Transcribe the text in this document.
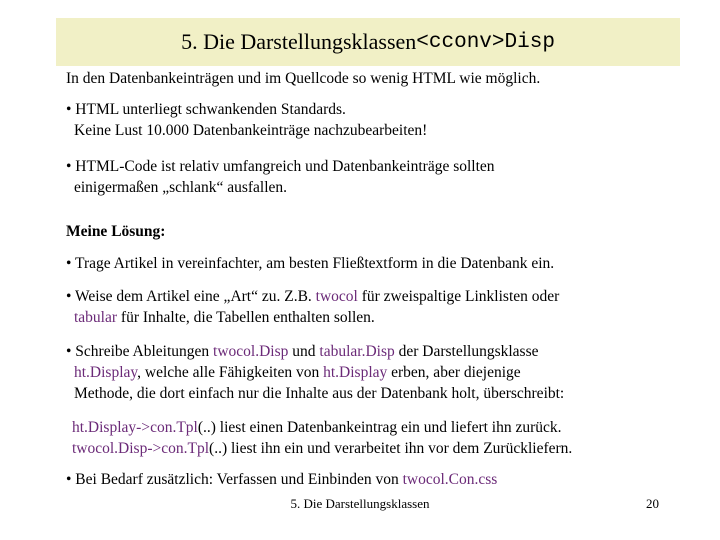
5. Die Darstellungsklassen <cconv>Disp
In den Datenbankeinträgen und im Quellcode so wenig HTML wie möglich.
• HTML unterliegt schwankenden Standards.
Keine Lust 10.000 Datenbankeinträge nachzubearbeiten!
• HTML-Code ist relativ umfangreich und Datenbankeinträge sollten
einigermaßen „schlank“ ausfallen.
Meine Lösung:
• Trage Artikel in vereinfachter, am besten Fließtextform in die Datenbank ein.
• Weise dem Artikel eine „Art“ zu. Z.B. twocol für zweispaltige Linklisten oder
tabular für Inhalte, die Tabellen enthalten sollen.
• Schreibe Ableitungen twocol.Disp und tabular.Disp der Darstellungsklasse
ht.Display, welche alle Fähigkeiten von ht.Display erben, aber diejenige
Methode, die dort einfach nur die Inhalte aus der Datenbank holt, überschreibt:
ht.Display->con.Tpl(..) liest einen Datenbankeintrag ein und liefert ihn zurück.
twocol.Disp->con.Tpl(..) liest ihn ein und verarbeitet ihn vor dem Zurückliefern.
• Bei Bedarf zusätzlich: Verfassen und Einbinden von twocol.Con.css
5. Die Darstellungsklassen	20
